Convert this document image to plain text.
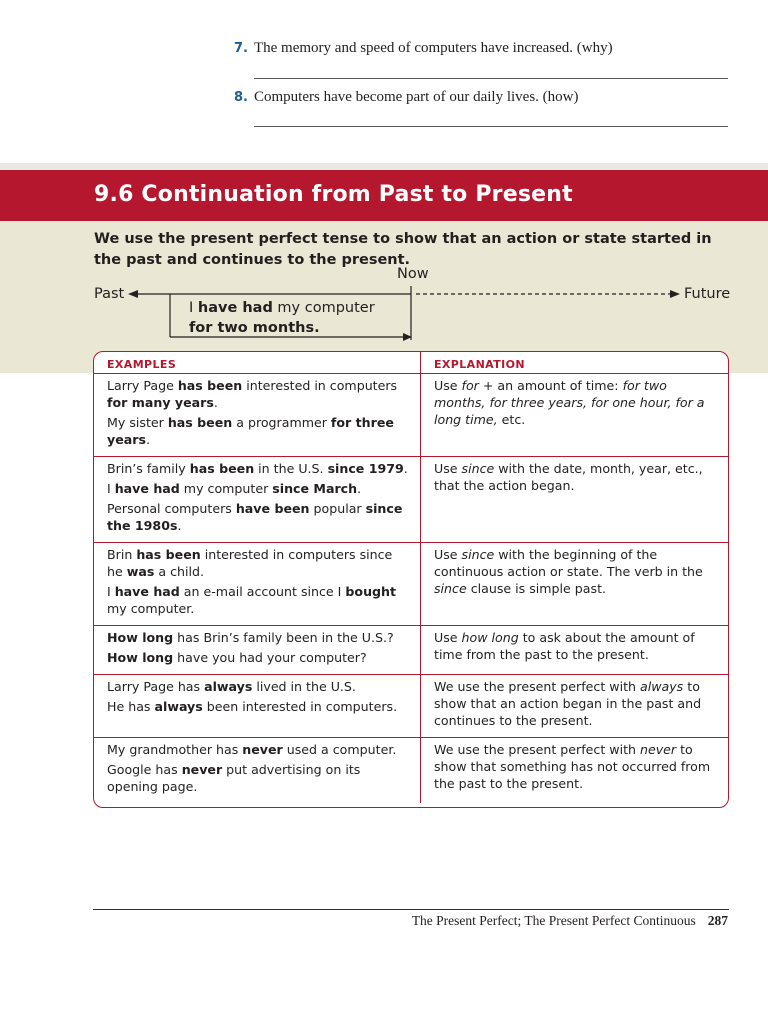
7. The memory and speed of computers have increased. (why)
8. Computers have become part of our daily lives. (how)
9.6 Continuation from Past to Present
We use the present perfect tense to show that an action or state started in the past and continues to the present.
Now
Past	Future
I have had my computer
for two months.
EXAMPLES	EXPLANATION

Larry Page has been interested in computers for many years.

My sister has been a programmer for three years.	Use for + an amount of time: for two months, for three years, for one hour, for a long time, etc.

Brin’s family has been in the U.S. since 1979.

I have had my computer since March.

Personal computers have been popular since the 1980s.	Use since with the date, month, year, etc., that the action began.

Brin has been interested in computers since he was a child.

I have had an e-mail account since I bought my computer.	Use since with the beginning of the continuous action or state. The verb in the since clause is simple past.

How long has Brin’s family been in the U.S.?

How long have you had your computer?	Use how long to ask about the amount of time from the past to the present.

Larry Page has always lived in the U.S.

He has always been interested in computers.	We use the present perfect with always to show that an action began in the past and continues to the present.

My grandmother has never used a computer.

Google has never put advertising on its opening page.	We use the present perfect with never to show that something has not occurred from the past to the present.

The Present Perfect; The Present Perfect Continuous 287
